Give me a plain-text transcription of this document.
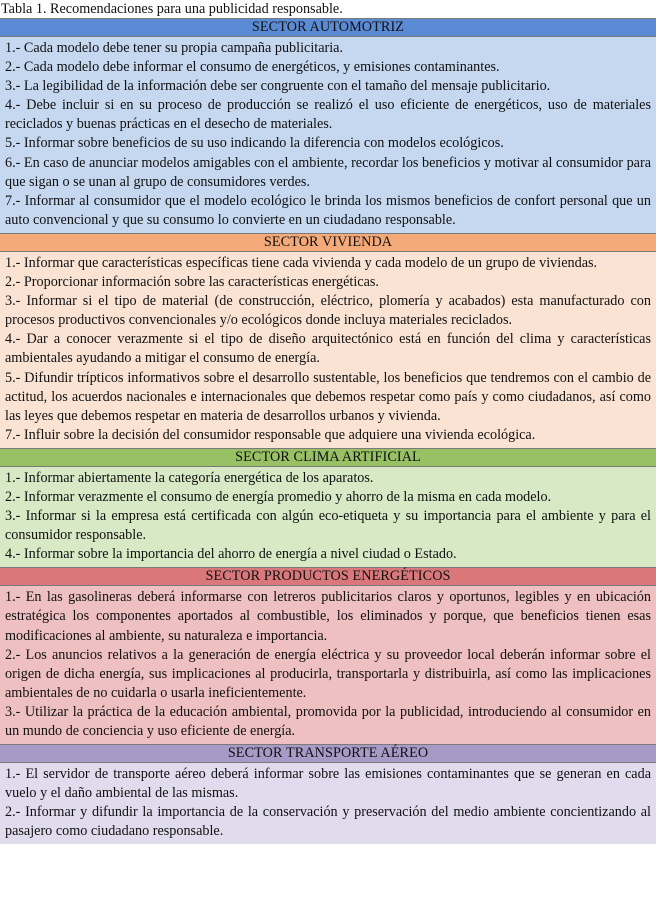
Tabla 1. Recomendaciones para una publicidad responsable.
SECTOR AUTOMOTRIZ

1.- Cada modelo debe tener su propia campaña publicitaria.

2.- Cada modelo debe informar el consumo de energéticos, y emisiones contaminantes.

3.- La legibilidad de la información debe ser congruente con el tamaño del mensaje publicitario.

4.- Debe incluir si en su proceso de producción se realizó el uso eficiente de energéticos, uso de materiales reciclados y buenas prácticas en el desecho de materiales.

5.- Informar sobre beneficios de su uso indicando la diferencia con modelos ecológicos.

6.- En caso de anunciar modelos amigables con el ambiente, recordar los beneficios y motivar al consumidor para que sigan o se unan al grupo de consumidores verdes.

7.- Informar al consumidor que el modelo ecológico le brinda los mismos beneficios de confort personal que un auto convencional y que su consumo lo convierte en un ciudadano responsable.

SECTOR VIVIENDA

1.- Informar que características específicas tiene cada vivienda y cada modelo de un grupo de viviendas.

2.- Proporcionar información sobre las características energéticas.

3.- Informar si el tipo de material (de construcción, eléctrico, plomería y acabados) esta manufacturado con procesos productivos convencionales y/o ecológicos donde incluya materiales reciclados.

4.- Dar a conocer verazmente si el tipo de diseño arquitectónico está en función del clima y características ambientales ayudando a mitigar el consumo de energía.

5.- Difundir trípticos informativos sobre el desarrollo sustentable, los beneficios que tendremos con el cambio de actitud, los acuerdos nacionales e internacionales que debemos respetar como país y como ciudadanos, así como las leyes que debemos respetar en materia de desarrollos urbanos y vivienda.

7.- Influir sobre la decisión del consumidor responsable que adquiere una vivienda ecológica.

SECTOR CLIMA ARTIFICIAL

1.- Informar abiertamente la categoría energética de los aparatos.

2.- Informar verazmente el consumo de energía promedio y ahorro de la misma en cada modelo.

3.- Informar si la empresa está certificada con algún eco-etiqueta y su importancia para el ambiente y para el consumidor responsable.

4.- Informar sobre la importancia del ahorro de energía a nivel ciudad o Estado.

SECTOR PRODUCTOS ENERGÉTICOS

1.- En las gasolineras deberá informarse con letreros publicitarios claros y oportunos, legibles y en ubicación estratégica los componentes aportados al combustible, los eliminados y porque, que beneficios tienen esas modificaciones al ambiente, su naturaleza e importancia.

2.- Los anuncios relativos a la generación de energía eléctrica y su proveedor local deberán informar sobre el origen de dicha energía, sus implicaciones al producirla, transportarla y distribuirla, así como las implicaciones ambientales de no cuidarla o usarla ineficientemente.

3.- Utilizar la práctica de la educación ambiental, promovida por la publicidad, introduciendo al consumidor en un mundo de conciencia y uso eficiente de energía.

SECTOR TRANSPORTE AÉREO

1.- El servidor de transporte aéreo deberá informar sobre las emisiones contaminantes que se generan en cada vuelo y el daño ambiental de las mismas.

2.- Informar y difundir la importancia de la conservación y preservación del medio ambiente concientizando al pasajero como ciudadano responsable.
